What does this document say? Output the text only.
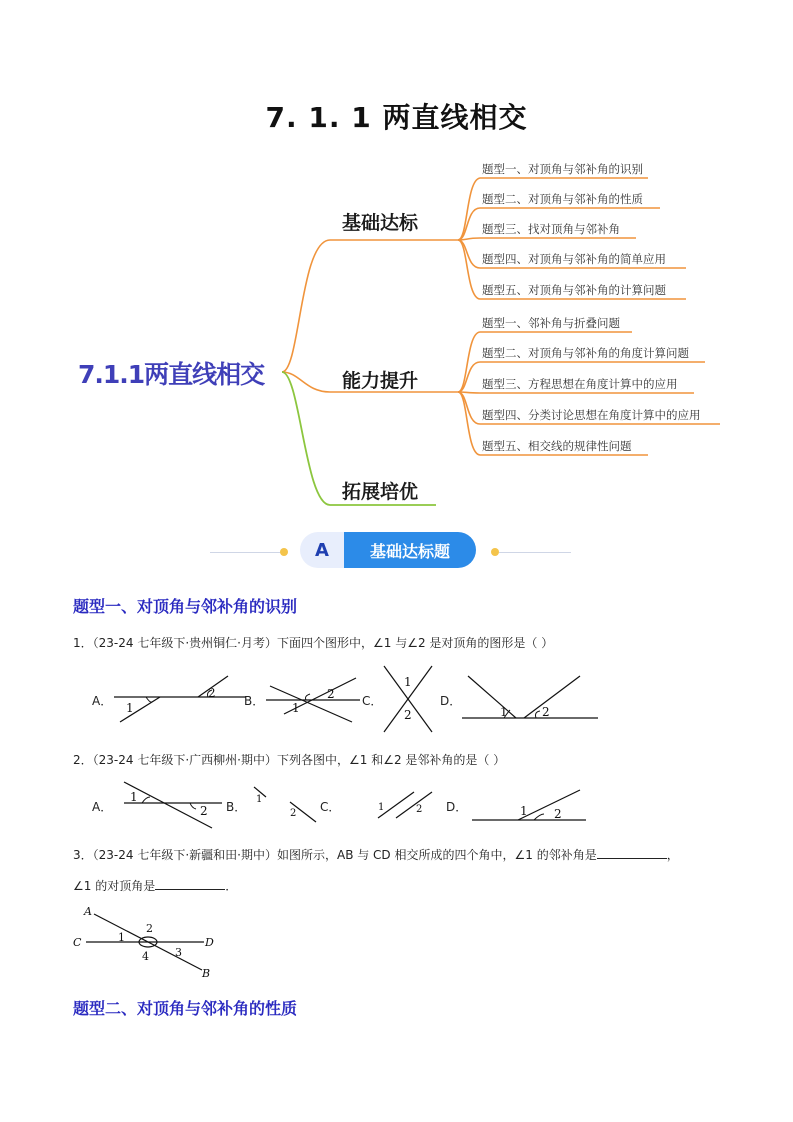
7. 1. 1 两直线相交
7.1.1两直线相交
基础达标
能力提升
拓展培优
题型一、对顶角与邻补角的识别
题型二、对顶角与邻补角的性质
题型三、找对顶角与邻补角
题型四、对顶角与邻补角的简单应用
题型五、对顶角与邻补角的计算问题
题型一、邻补角与折叠问题
题型二、对顶角与邻补角的角度计算问题
题型三、方程思想在角度计算中的应用
题型四、分类讨论思想在角度计算中的应用
题型五、相交线的规律性问题
A	基础达标题
题型一、对顶角与邻补角的识别
1．（23-24 七年级下·贵州铜仁·月考）下面四个图形中，∠1 与∠2 是对顶角的图形是（ ）
A．	B．	C．	D．
1
2
1
2
1
2	1	2
1
2
1
2
1	2	1 2
A
B
C	D
1
2
3
4
2．（23-24 七年级下·广西柳州·期中）下列各图中，∠1 和∠2 是邻补角的是（ ）
A．	B．	C．	D．
3．（23-24 七年级下·新疆和田·期中）如图所示，AB 与 CD 相交所成的四个角中，∠1 的邻补角是	，
∠1 的对顶角是	．
题型二、对顶角与邻补角的性质
